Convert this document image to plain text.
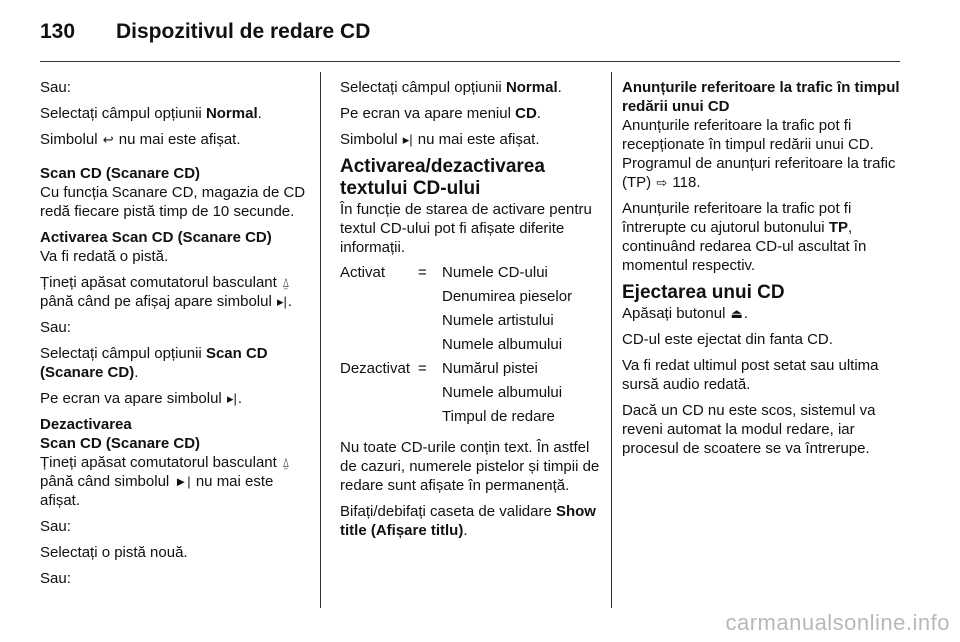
130 Dispozitivul de redare CD

Sau:

Selectați câmpul opțiunii Normal.

Simbolul ↩ nu mai este afișat.

Scan CD (Scanare CD)

Cu funcția Scanare CD, magazia de CD redă fiecare pistă timp de 10 secunde.

Activarea Scan CD (Scanare CD)

Va fi redată o pistă.

Țineți apăsat comutatorul basculant ⍙ până când pe afișaj apare simbolul ▸|.

Sau:

Selectați câmpul opțiunii Scan CD (Scanare CD).

Pe ecran va apare simbolul ▸|.

Dezactivarea
Scan CD (Scanare CD)

Țineți apăsat comutatorul basculant ⍙ până când simbolul ►| nu mai este afișat.

Sau:

Selectați o pistă nouă.

Sau:

Selectați câmpul opțiunii Normal.

Pe ecran va apare meniul CD.

Simbolul ▸| nu mai este afișat.

Activarea/dezactivarea textului CD-ului

În funcție de starea de activare pentru textul CD-ului pot fi afișate diferite informații.

Activat	=	Numele CD-ului
		Denumirea pieselor
		Numele artistului
		Numele albumului
Dezactivat	=	Numărul pistei
		Numele albumului
		Timpul de redare

Nu toate CD-urile conțin text. În astfel de cazuri, numerele pistelor și timpii de redare sunt afișate în permanență.

Bifați/debifați caseta de validare Show title (Afișare titlu).

Anunțurile referitoare la trafic în timpul redării unui CD

Anunțurile referitoare la trafic pot fi recepționate în timpul redării unui CD. Programul de anunțuri referitoare la trafic (TP) ⇨ 118.

Anunțurile referitoare la trafic pot fi întrerupte cu ajutorul butonului TP, continuând redarea CD-ul ascultat în momentul respectiv.

Ejectarea unui CD

Apăsați butonul ⏏.

CD-ul este ejectat din fanta CD.

Va fi redat ultimul post setat sau ultima sursă audio redată.

Dacă un CD nu este scos, sistemul va reveni automat la modul redare, iar procesul de scoatere se va întrerupe.

carmanualsonline.info
